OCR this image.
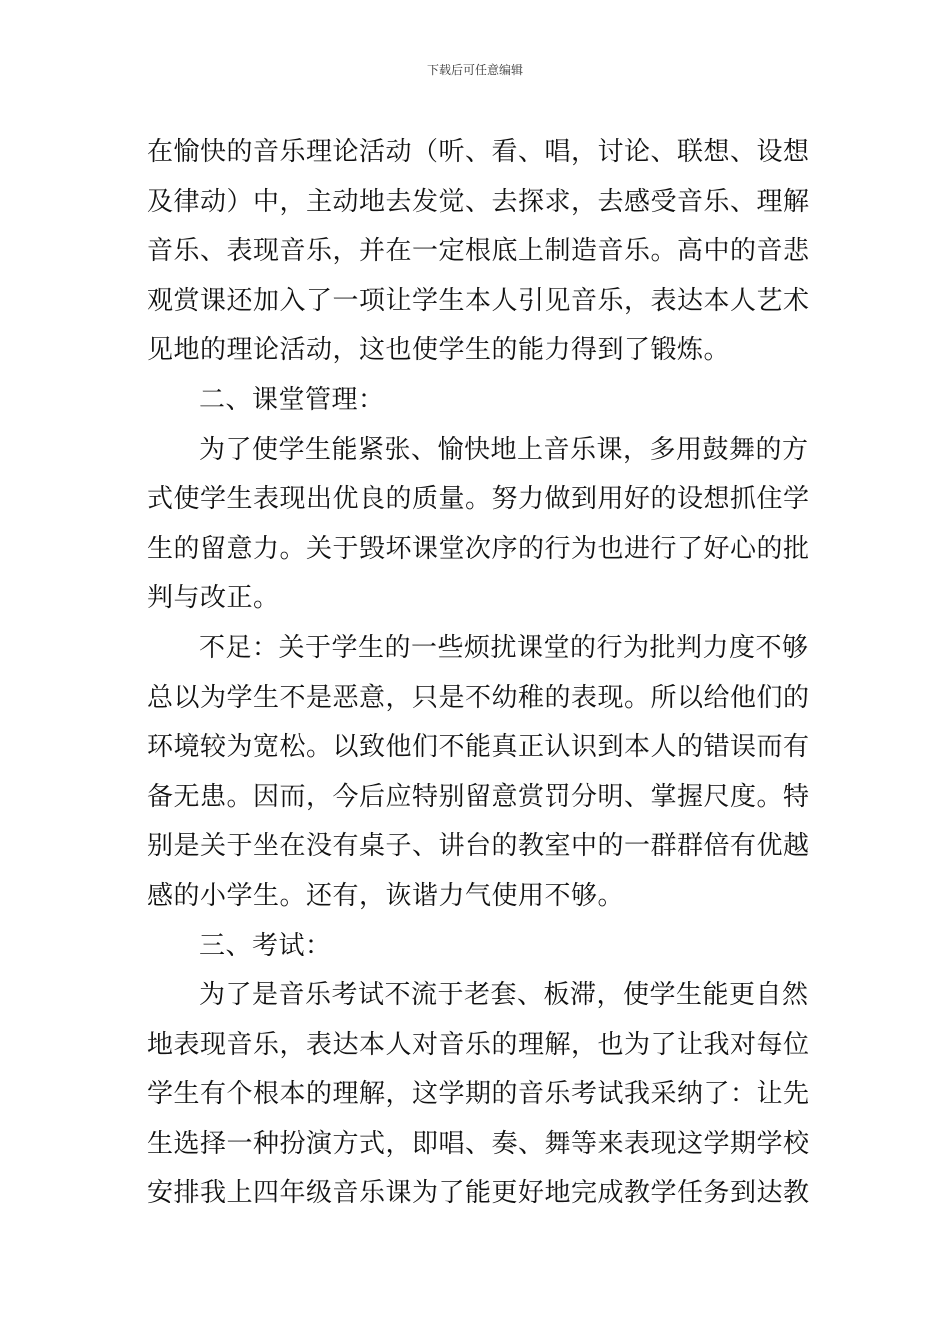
下载后可任意编辑
在愉快的音乐理论活动（听、看、唱，讨论、联想、设想
及律动）中，主动地去发觉、去探求，去感受音乐、理解
音乐、表现音乐，并在一定根底上制造音乐。高中的音悲
观赏课还加入了一项让学生本人引见音乐，表达本人艺术
见地的理论活动，这也使学生的能力得到了锻炼。
二、课堂管理：
为了使学生能紧张、愉快地上音乐课，多用鼓舞的方
式使学生表现出优良的质量。努力做到用好的设想抓住学
生的留意力。关于毁坏课堂次序的行为也进行了好心的批
判与改正。
不足：关于学生的一些烦扰课堂的行为批判力度不够
总以为学生不是恶意，只是不幼稚的表现。所以给他们的
环境较为宽松。以致他们不能真正认识到本人的错误而有
备无患。因而，今后应特别留意赏罚分明、掌握尺度。特
别是关于坐在没有桌子、讲台的教室中的一群群倍有优越
感的小学生。还有，诙谐力气使用不够。
三、考试：
为了是音乐考试不流于老套、板滞，使学生能更自然
地表现音乐，表达本人对音乐的理解，也为了让我对每位
学生有个根本的理解，这学期的音乐考试我采纳了：让先
生选择一种扮演方式，即唱、奏、舞等来表现这学期学校
安排我上四年级音乐课为了能更好地完成教学任务到达教
